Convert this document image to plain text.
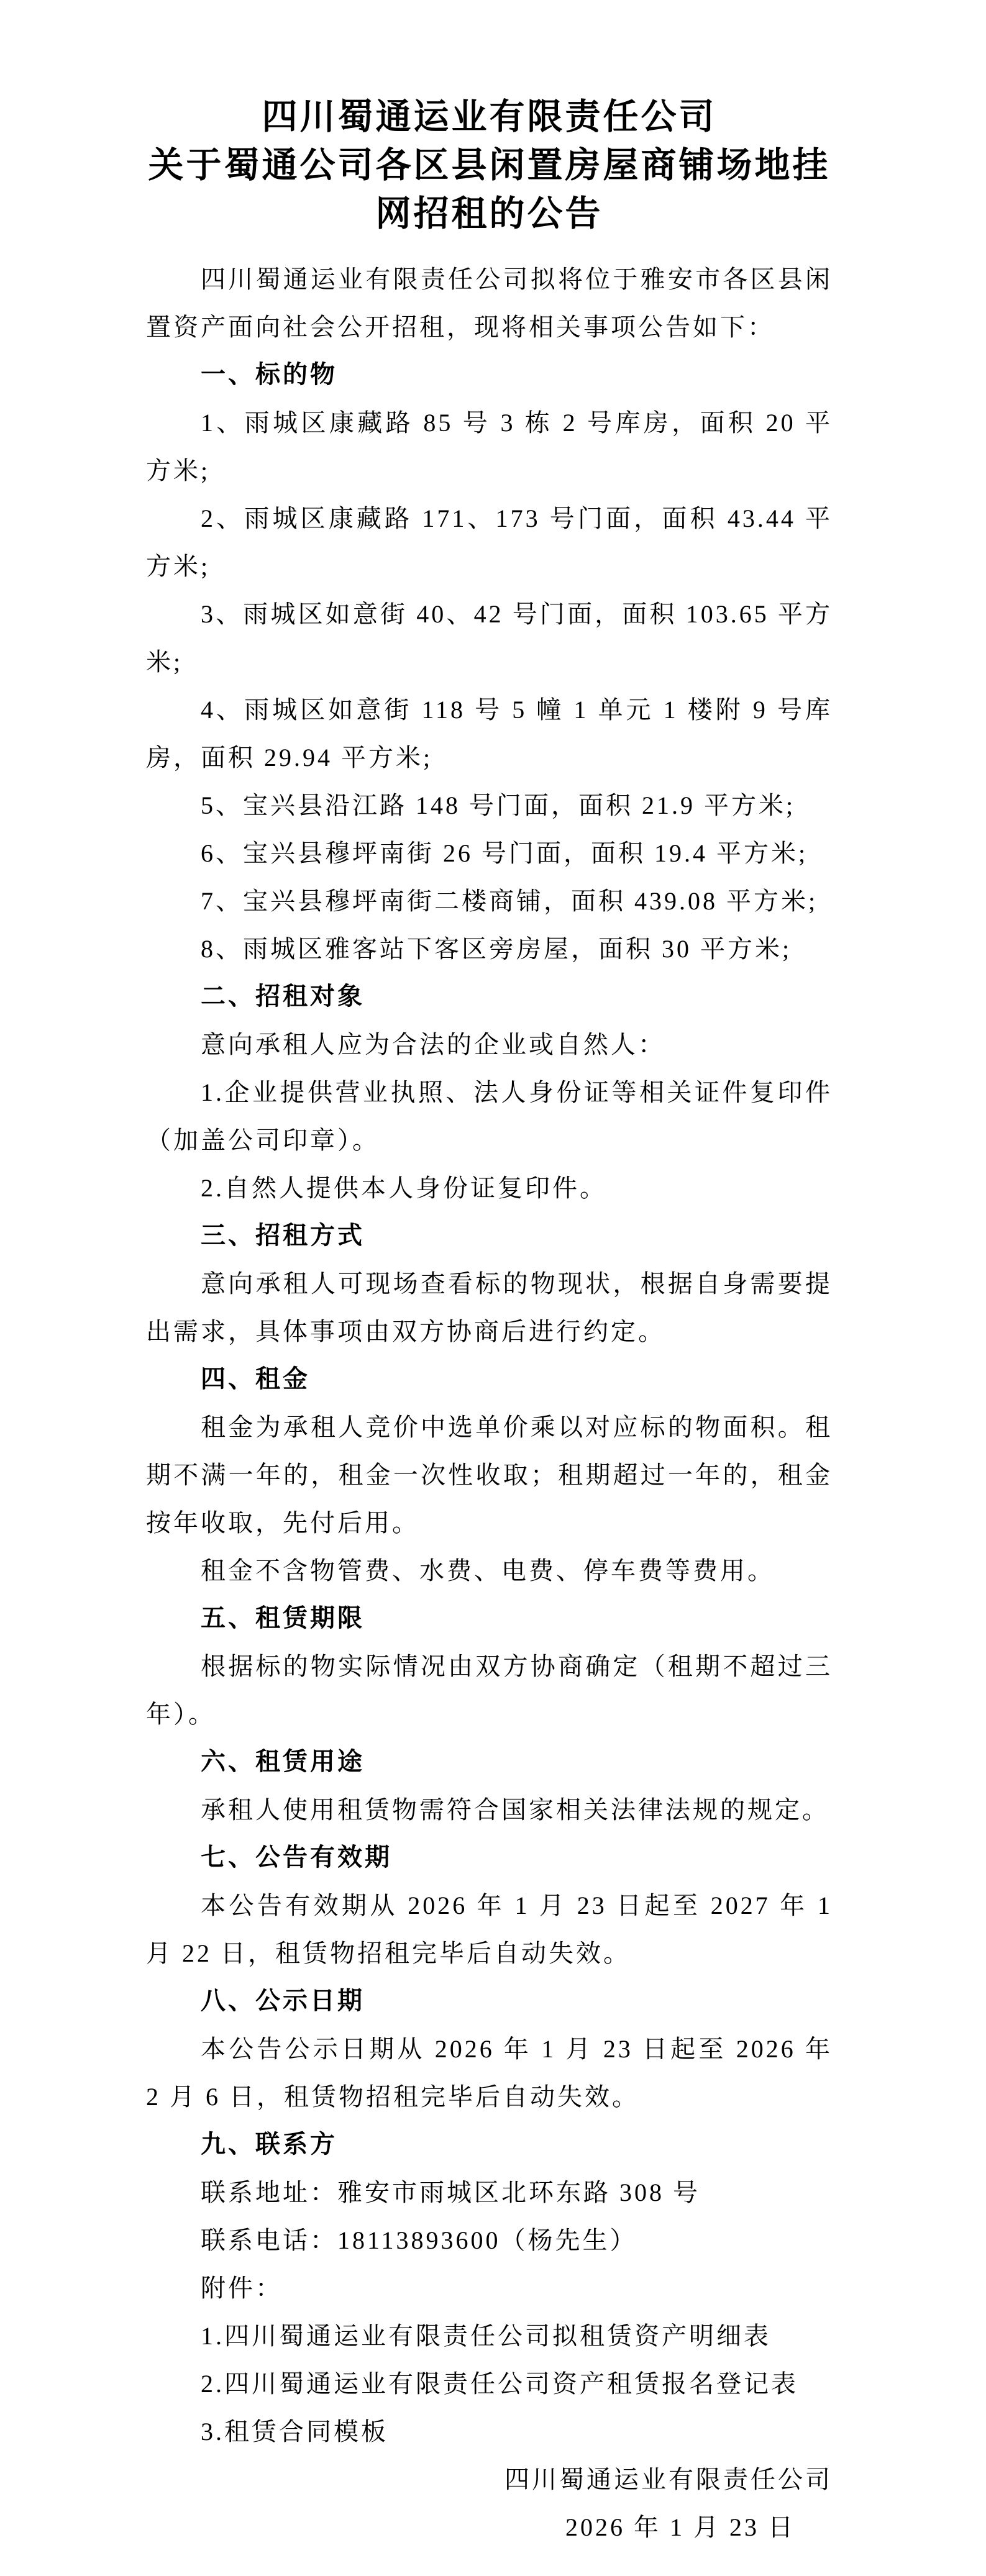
四川蜀通运业有限责任公司
关于蜀通公司各区县闲置房屋商铺场地挂
网招租的公告

四川蜀通运业有限责任公司拟将位于雅安市各区县闲置资产面向社会公开招租，现将相关事项公告如下：

一、标的物

1、雨城区康藏路 85 号 3 栋 2 号库房，面积 20 平方米;

2、雨城区康藏路 171、173 号门面，面积 43.44 平方米;

3、雨城区如意街 40、42 号门面，面积 103.65 平方米;

4、雨城区如意街 118 号 5 幢 1 单元 1 楼附 9 号库房，面积 29.94 平方米;

5、宝兴县沿江路 148 号门面，面积 21.9 平方米;

6、宝兴县穆坪南街 26 号门面，面积 19.4 平方米;

7、宝兴县穆坪南街二楼商铺，面积 439.08 平方米;

8、雨城区雅客站下客区旁房屋，面积 30 平方米;

二、招租对象

意向承租人应为合法的企业或自然人：

1.企业提供营业执照、法人身份证等相关证件复印件（加盖公司印章）。

2.自然人提供本人身份证复印件。

三、招租方式

意向承租人可现场查看标的物现状，根据自身需要提出需求，具体事项由双方协商后进行约定。

四、租金

租金为承租人竞价中选单价乘以对应标的物面积。租期不满一年的，租金一次性收取；租期超过一年的，租金按年收取，先付后用。

租金不含物管费、水费、电费、停车费等费用。

五、租赁期限

根据标的物实际情况由双方协商确定（租期不超过三年）。

六、租赁用途

承租人使用租赁物需符合国家相关法律法规的规定。

七、公告有效期

本公告有效期从 2026 年 1 月 23 日起至 2027 年 1 月 22 日，租赁物招租完毕后自动失效。

八、公示日期

本公告公示日期从 2026 年 1 月 23 日起至 2026 年 2 月 6 日，租赁物招租完毕后自动失效。

九、联系方

联系地址：雅安市雨城区北环东路 308 号

联系电话：18113893600（杨先生）

附件：

1.四川蜀通运业有限责任公司拟租赁资产明细表

2.四川蜀通运业有限责任公司资产租赁报名登记表

3.租赁合同模板

四川蜀通运业有限责任公司

2026 年 1 月 23 日
